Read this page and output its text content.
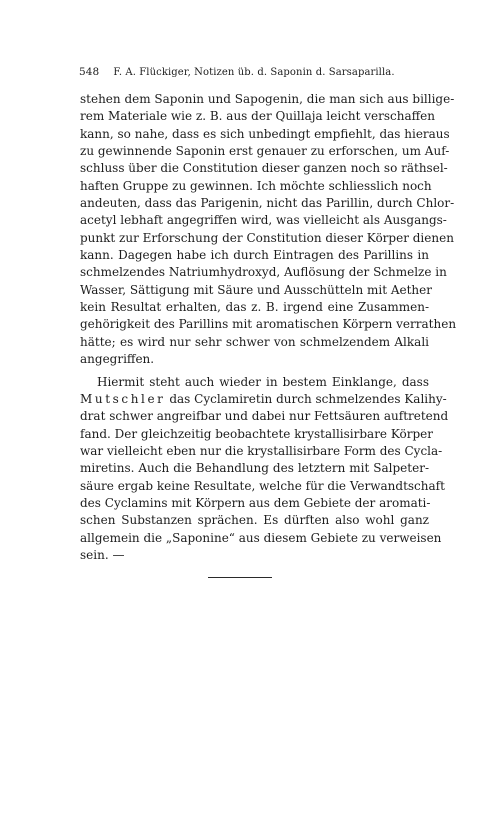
548 F. A. Flückiger, Notizen üb. d. Saponin d. Sarsaparilla.
stehen dem Saponin und Sapogenin, die man sich aus billige-
rem Materiale wie z. B. aus der Quillaja leicht verschaffen
kann, so nahe, dass es sich unbedingt empfiehlt, das hieraus
zu gewinnende Saponin erst genauer zu erforschen, um Auf-
schluss über die Constitution dieser ganzen noch so räthsel-
haften Gruppe zu gewinnen. Ich möchte schliesslich noch
andeuten, dass das Parigenin, nicht das Parillin, durch Chlor-
acetyl lebhaft angegriffen wird, was vielleicht als Ausgangs-
punkt zur Erforschung der Constitution dieser Körper dienen
kann. Dagegen habe ich durch Eintragen des Parillins in
schmelzendes Natriumhydroxyd, Auflösung der Schmelze in
Wasser, Sättigung mit Säure und Ausschütteln mit Aether
kein Resultat erhalten, das z. B. irgend eine Zusammen-
gehörigkeit des Parillins mit aromatischen Körpern verrathen
hätte; es wird nur sehr schwer von schmelzendem Alkali
angegriffen.
Hiermit steht auch wieder in bestem Einklange, dass
Mutschler das Cyclamiretin durch schmelzendes Kalihy-
drat schwer angreifbar und dabei nur Fettsäuren auftretend
fand. Der gleichzeitig beobachtete krystallisirbare Körper
war vielleicht eben nur die krystallisirbare Form des Cycla-
miretins. Auch die Behandlung des letztern mit Salpeter-
säure ergab keine Resultate, welche für die Verwandtschaft
des Cyclamins mit Körpern aus dem Gebiete der aromati-
schen Substanzen sprächen. Es dürften also wohl ganz
allgemein die „Saponine“ aus diesem Gebiete zu verweisen
sein. —
